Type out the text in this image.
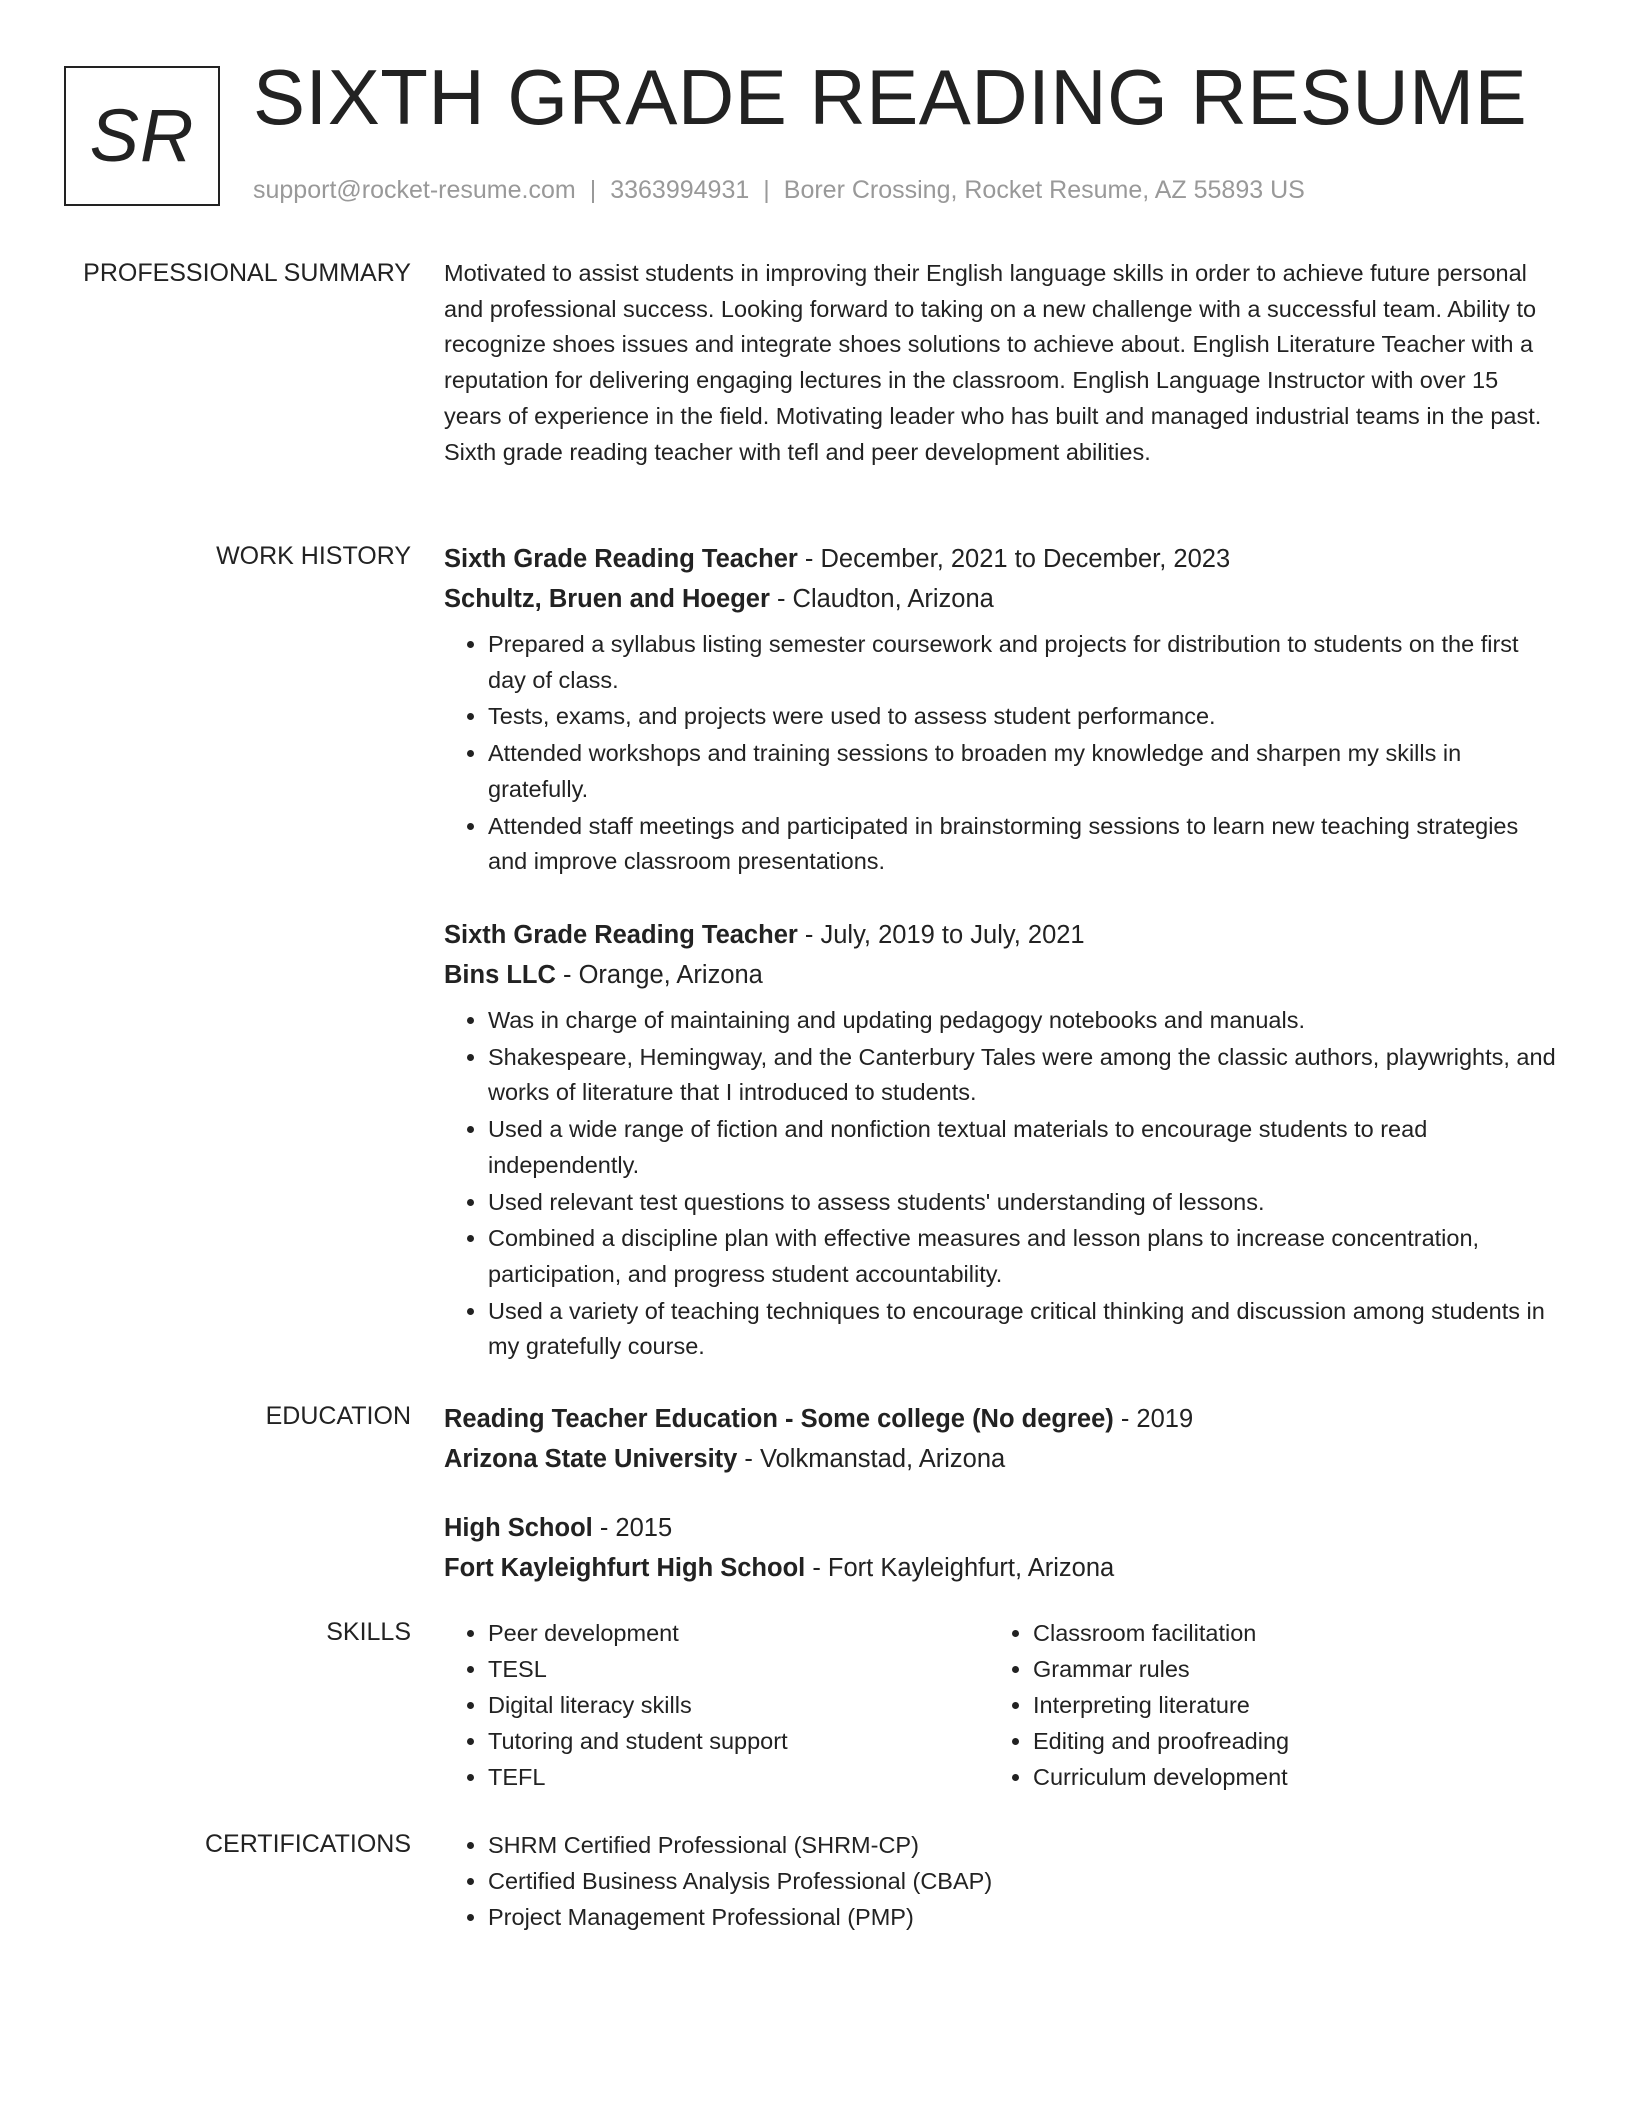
SR SIXTH GRADE READING RESUME
support@rocket-resume.com | 3363994931 | Borer Crossing, Rocket Resume, AZ 55893 US
PROFESSIONAL SUMMARY Motivated to assist students in improving their English language skills in order to achieve future personal and professional success. Looking forward to taking on a new challenge with a successful team. Ability to recognize shoes issues and integrate shoes solutions to achieve about. English Literature Teacher with a reputation for delivering engaging lectures in the classroom. English Language Instructor with over 15 years of experience in the field. Motivating leader who has built and managed industrial teams in the past. Sixth grade reading teacher with tefl and peer development abilities.

WORK HISTORY Sixth Grade Reading Teacher - December, 2021 to December, 2023
Schultz, Bruen and Hoeger - Claudton, Arizona
• Prepared a syllabus listing semester coursework and projects for distribution to students on the first day of class.
• Tests, exams, and projects were used to assess student performance.
• Attended workshops and training sessions to broaden my knowledge and sharpen my skills in gratefully.
• Attended staff meetings and participated in brainstorming sessions to learn new teaching strategies and improve classroom presentations.
Sixth Grade Reading Teacher - July, 2019 to July, 2021
Bins LLC - Orange, Arizona
• Was in charge of maintaining and updating pedagogy notebooks and manuals.
• Shakespeare, Hemingway, and the Canterbury Tales were among the classic authors, playwrights, and works of literature that I introduced to students.
• Used a wide range of fiction and nonfiction textual materials to encourage students to read independently.
• Used relevant test questions to assess students' understanding of lessons.
• Combined a discipline plan with effective measures and lesson plans to increase concentration, participation, and progress student accountability.
• Used a variety of teaching techniques to encourage critical thinking and discussion among students in my gratefully course.
EDUCATION Reading Teacher Education - Some college (No degree) - 2019
Arizona State University - Volkmanstad, Arizona
High School - 2015
Fort Kayleighfurt High School - Fort Kayleighfurt, Arizona
SKILLS	• Peer development
• TESL
• Digital literacy skills
• Tutoring and student support
• TEFL
• Classroom facilitation
• Grammar rules
• Interpreting literature
• Editing and proofreading
• Curriculum development
CERTIFICATIONS	• SHRM Certified Professional (SHRM-CP)
• Certified Business Analysis Professional (CBAP)
• Project Management Professional (PMP)
